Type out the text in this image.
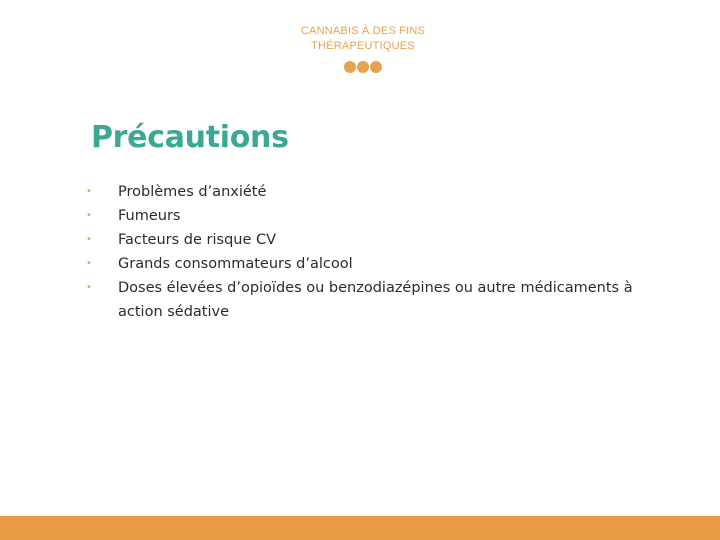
CANNABIS À DES FINS
THÉRAPEUTIQUES
Précautions
• Problèmes d’anxiété
• Fumeurs
• Facteurs de risque CV
• Grands consommateurs d’alcool
• Doses élevées d’opioïdes ou benzodiazépines ou autre médicaments à action sédative
